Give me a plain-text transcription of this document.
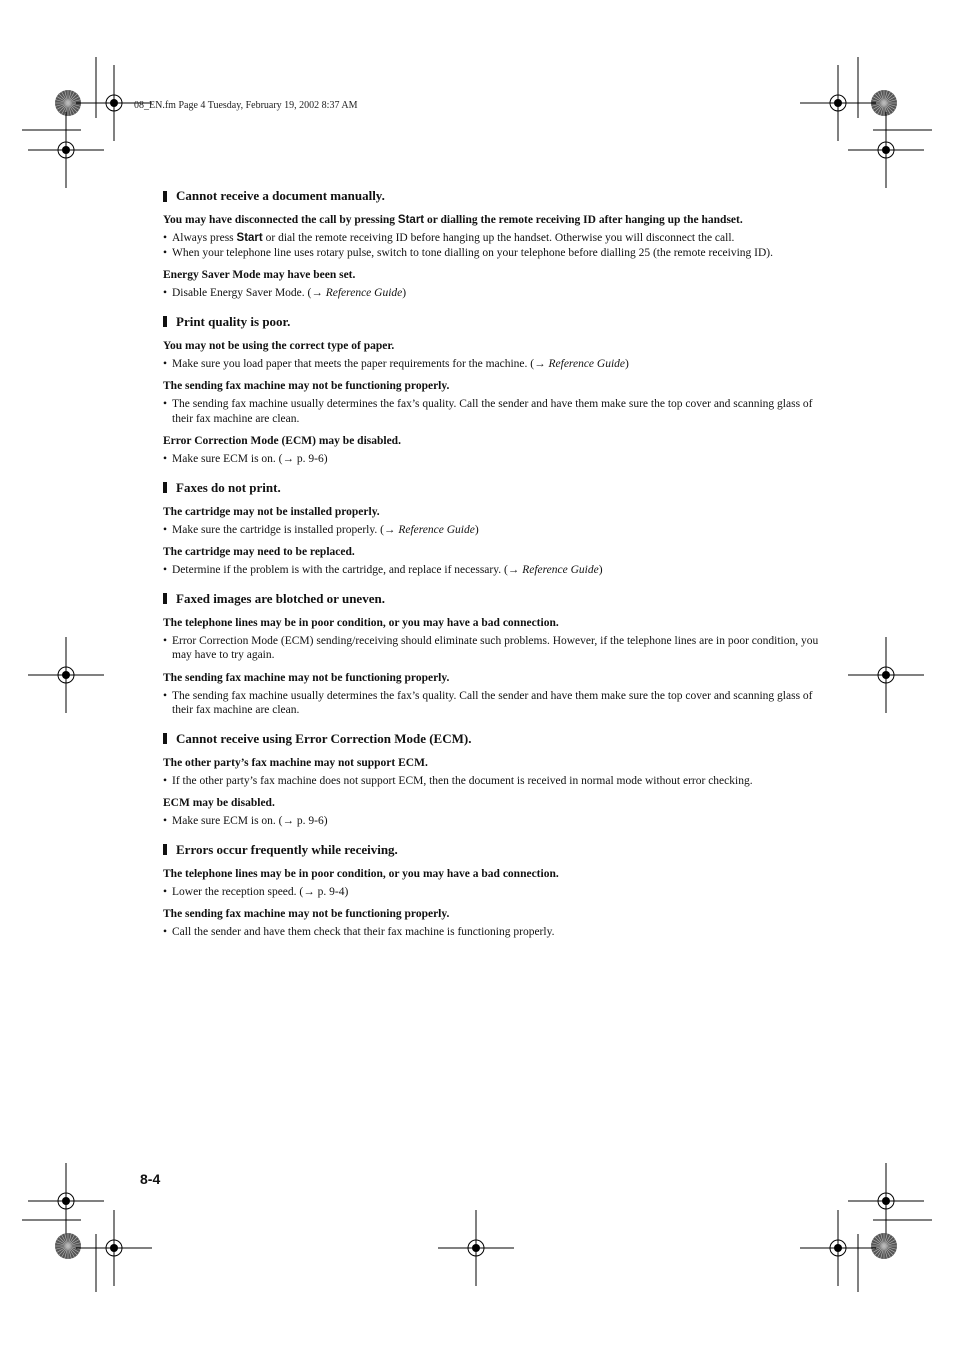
08_EN.fm Page 4 Tuesday, February 19, 2002 8:37 AM
Cannot receive a document manually.
You may have disconnected the call by pressing Start or dialling the remote receiving ID after hanging up the handset.
• Always press Start or dial the remote receiving ID before hanging up the handset. Otherwise you will disconnect the call.
• When your telephone line uses rotary pulse, switch to tone dialling on your telephone before dialling 25 (the remote receiving ID).
Energy Saver Mode may have been set.
• Disable Energy Saver Mode. (→ Reference Guide)
Print quality is poor.
You may not be using the correct type of paper.
• Make sure you load paper that meets the paper requirements for the machine. (→ Reference Guide)
The sending fax machine may not be functioning properly.
• The sending fax machine usually determines the fax’s quality. Call the sender and have them make sure the top cover and scanning glass of their fax machine are clean.
Error Correction Mode (ECM) may be disabled.
• Make sure ECM is on. (→ p. 9-6)
Faxes do not print.
The cartridge may not be installed properly.
• Make sure the cartridge is installed properly. (→ Reference Guide)
The cartridge may need to be replaced.
• Determine if the problem is with the cartridge, and replace if necessary. (→ Reference Guide)
Faxed images are blotched or uneven.
The telephone lines may be in poor condition, or you may have a bad connection.
• Error Correction Mode (ECM) sending/receiving should eliminate such problems. However, if the telephone lines are in poor condition, you may have to try again.
The sending fax machine may not be functioning properly.
• The sending fax machine usually determines the fax’s quality. Call the sender and have them make sure the top cover and scanning glass of their fax machine are clean.
Cannot receive using Error Correction Mode (ECM).
The other party’s fax machine may not support ECM.
• If the other party’s fax machine does not support ECM, then the document is received in normal mode without error checking.
ECM may be disabled.
• Make sure ECM is on. (→ p. 9-6)
Errors occur frequently while receiving.
The telephone lines may be in poor condition, or you may have a bad connection.
• Lower the reception speed. (→ p. 9-4)
The sending fax machine may not be functioning properly.
• Call the sender and have them check that their fax machine is functioning properly.
8-4
